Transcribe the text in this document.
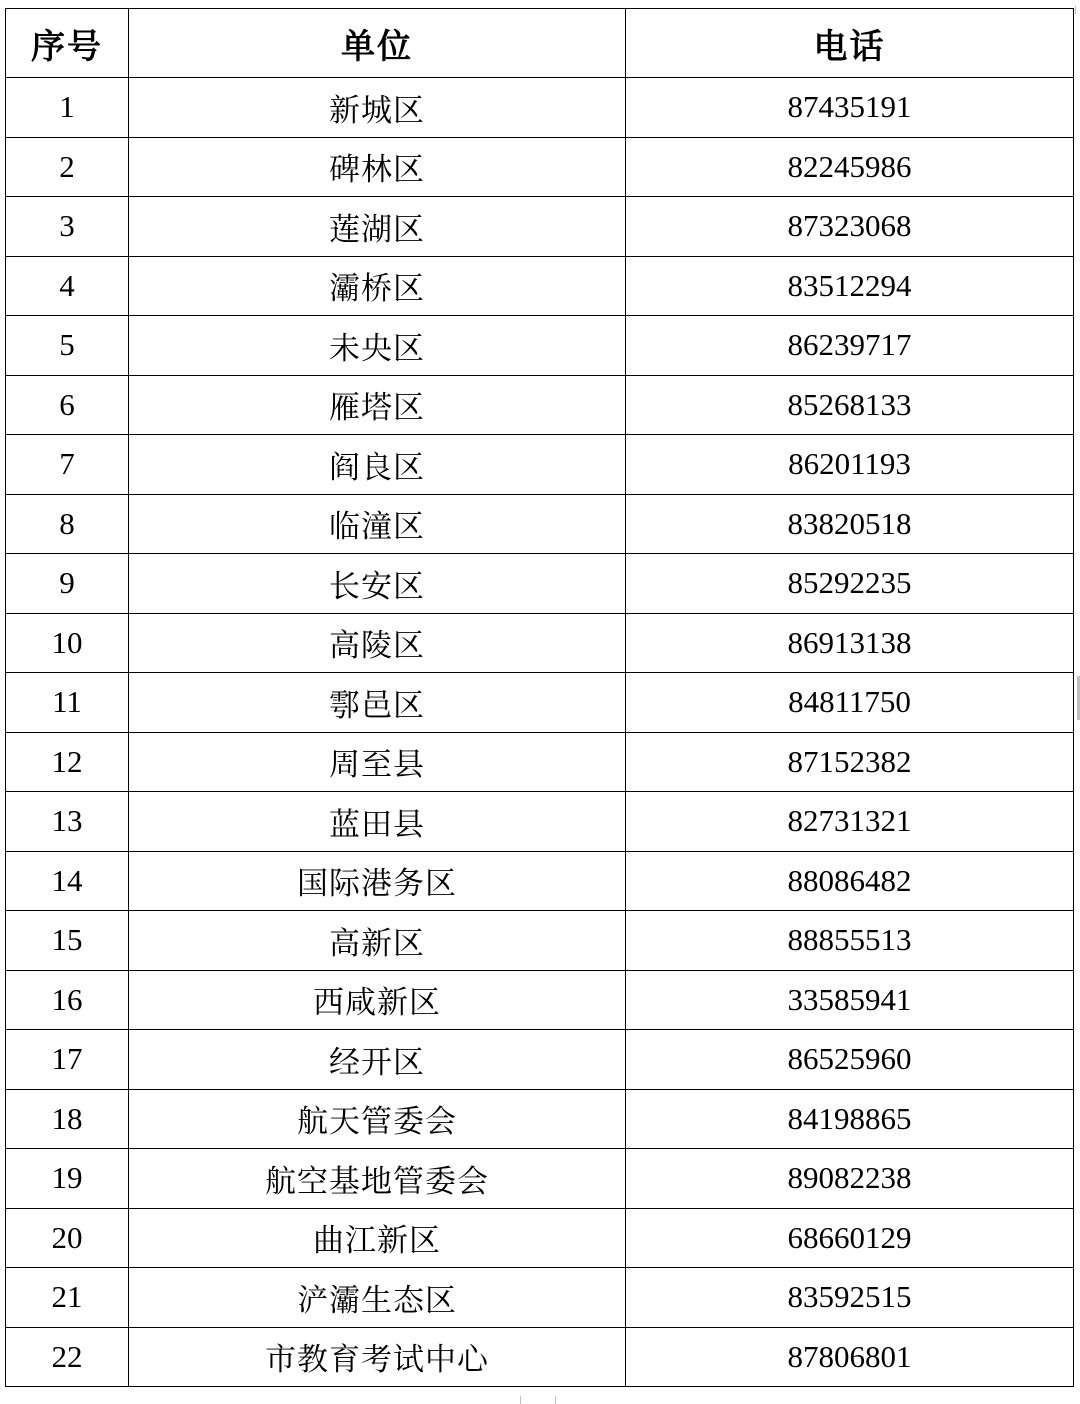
序号	单位	电话
1	新城区	87435191
2	碑林区	82245986
3	莲湖区	87323068
4	灞桥区	83512294
5	未央区	86239717
6	雁塔区	85268133
7	阎良区	86201193
8	临潼区	83820518
9	长安区	85292235
10	高陵区	86913138
11	鄠邑区	84811750
12	周至县	87152382
13	蓝田县	82731321
14	国际港务区	88086482
15	高新区	88855513
16	西咸新区	33585941
17	经开区	86525960
18	航天管委会	84198865
19	航空基地管委会	89082238
20	曲江新区	68660129
21	浐灞生态区	83592515
22	市教育考试中心	87806801
